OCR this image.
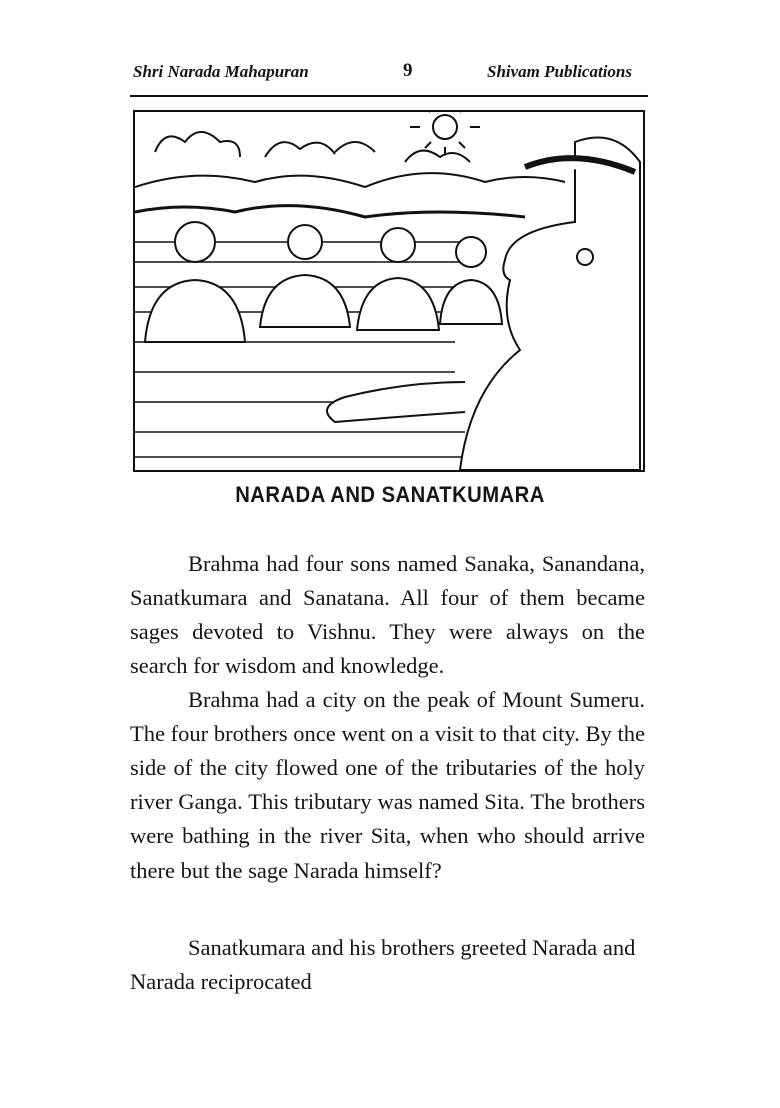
Shri Narada Mahapuran	9	Shivam Publications
NARADA AND SANATKUMARA

Brahma had four sons named Sanaka, Sanandana, Sanatkumara and Sanatana. All four of them became sages devoted to Vishnu. They were always on the search for wisdom and knowledge.

Brahma had a city on the peak of Mount Sumeru. The four brothers once went on a visit to that city. By the side of the city flowed one of the tributaries of the holy river Ganga. This tributary was named Sita. The brothers were bathing in the river Sita, when who should arrive there but the sage Narada himself?

Sanatkumara and his brothers greeted Narada and Narada reciprocated
